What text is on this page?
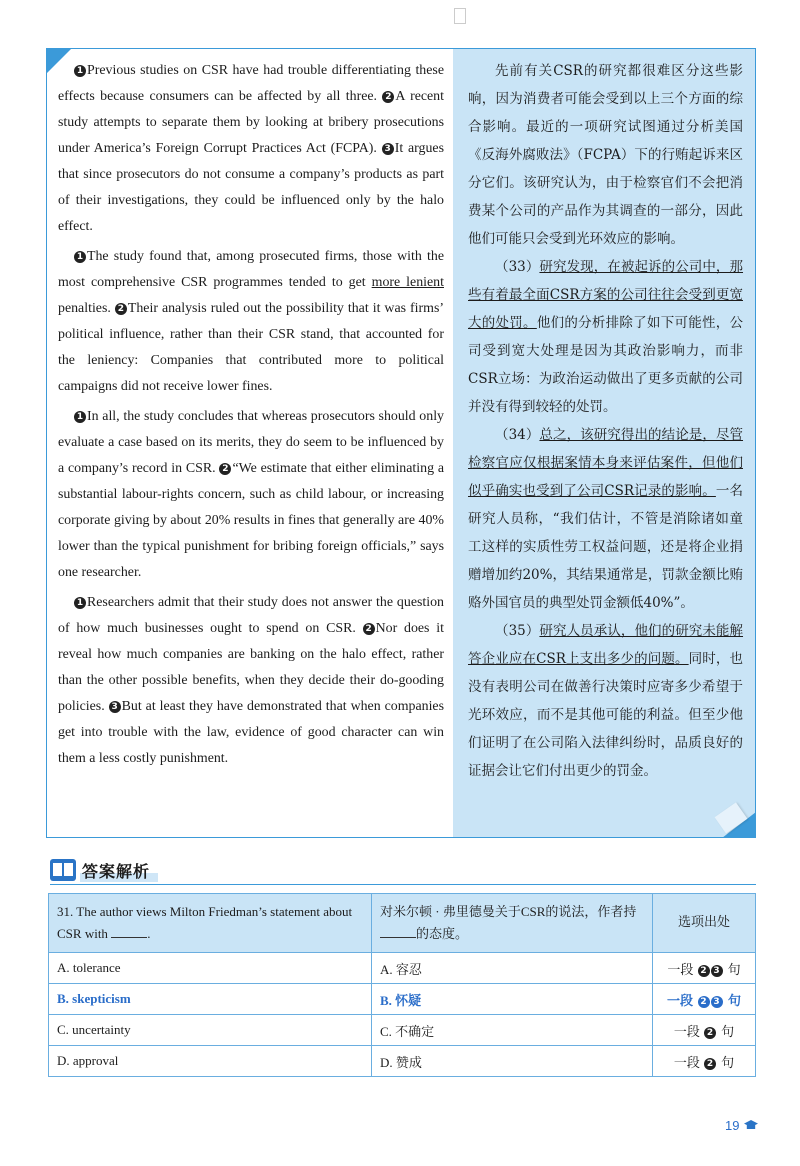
1 Previous studies on CSR have had trouble differentiating these effects because consumers can be affected by all three. 2 A recent study attempts to separate them by looking at bribery prosecutions under America’s Foreign Corrupt Practices Act (FCPA). 3 It argues that since prosecutors do not consume a company’s products as part of their investigations, they could be influenced only by the halo effect.

1 The study found that, among prosecuted firms, those with the most comprehensive CSR programmes tended to get more lenient penalties. 2 Their analysis ruled out the possibility that it was firms’ political influence, rather than their CSR stand, that accounted for the leniency: Companies that contributed more to political campaigns did not receive lower fines.

1 In all, the study concludes that whereas prosecutors should only evaluate a case based on its merits, they do seem to be influenced by a company’s record in CSR. 2 “We estimate that either eliminating a substantial labour-rights concern, such as child labour, or increasing corporate giving by about 20% results in fines that generally are 40% lower than the typical punishment for bribing foreign officials,” says one researcher.

1 Researchers admit that their study does not answer the question of how much businesses ought to spend on CSR. 2 Nor does it reveal how much companies are banking on the halo effect, rather than the other possible benefits, when they decide their do-gooding policies. 3 But at least they have demonstrated that when companies get into trouble with the law, evidence of good character can win them a less costly punishment.

先前有关CSR的研究都很难区分这些影响，因为消费者可能会受到以上三个方面的综合影响。最近的一项研究试图通过分析美国《反海外腐败法》（FCPA）下的行贿起诉来区分它们。该研究认为，由于检察官们不会把消费某个公司的产品作为其调查的一部分，因此他们可能只会受到光环效应的影响。

（33）研究发现，在被起诉的公司中，那些有着最全面CSR方案的公司往往会受到更宽大的处罚。他们的分析排除了如下可能性，公司受到宽大处理是因为其政治影响力，而非CSR立场：为政治运动做出了更多贡献的公司并没有得到较轻的处罚。

（34）总之，该研究得出的结论是，尽管检察官应仅根据案情本身来评估案件，但他们似乎确实也受到了公司CSR记录的影响。一名研究人员称，“我们估计，不管是消除诸如童工这样的实质性劳工权益问题，还是将企业捐赠增加约20%，其结果通常是，罚款金额比贿赂外国官员的典型处罚金额低40%”。

（35）研究人员承认，他们的研究未能解答企业应在CSR上支出多少的问题。同时，也没有表明公司在做善行决策时应寄多少希望于光环效应，而不是其他可能的利益。但至少他们证明了在公司陷入法律纠纷时，品质良好的证据会让它们付出更少的罚金。

答案解析
31. The author views Milton Friedman’s statement about CSR with .	对米尔顿 · 弗里德曼关于CSR的说法，作者持的态度。	选项出处
A. tolerance	A. 容忍	一段 2 3 句
B. skepticism	B. 怀疑	一段 2 3 句
C. uncertainty	C. 不确定	一段 2 句
D. approval	D. 赞成	一段 2 句
19
